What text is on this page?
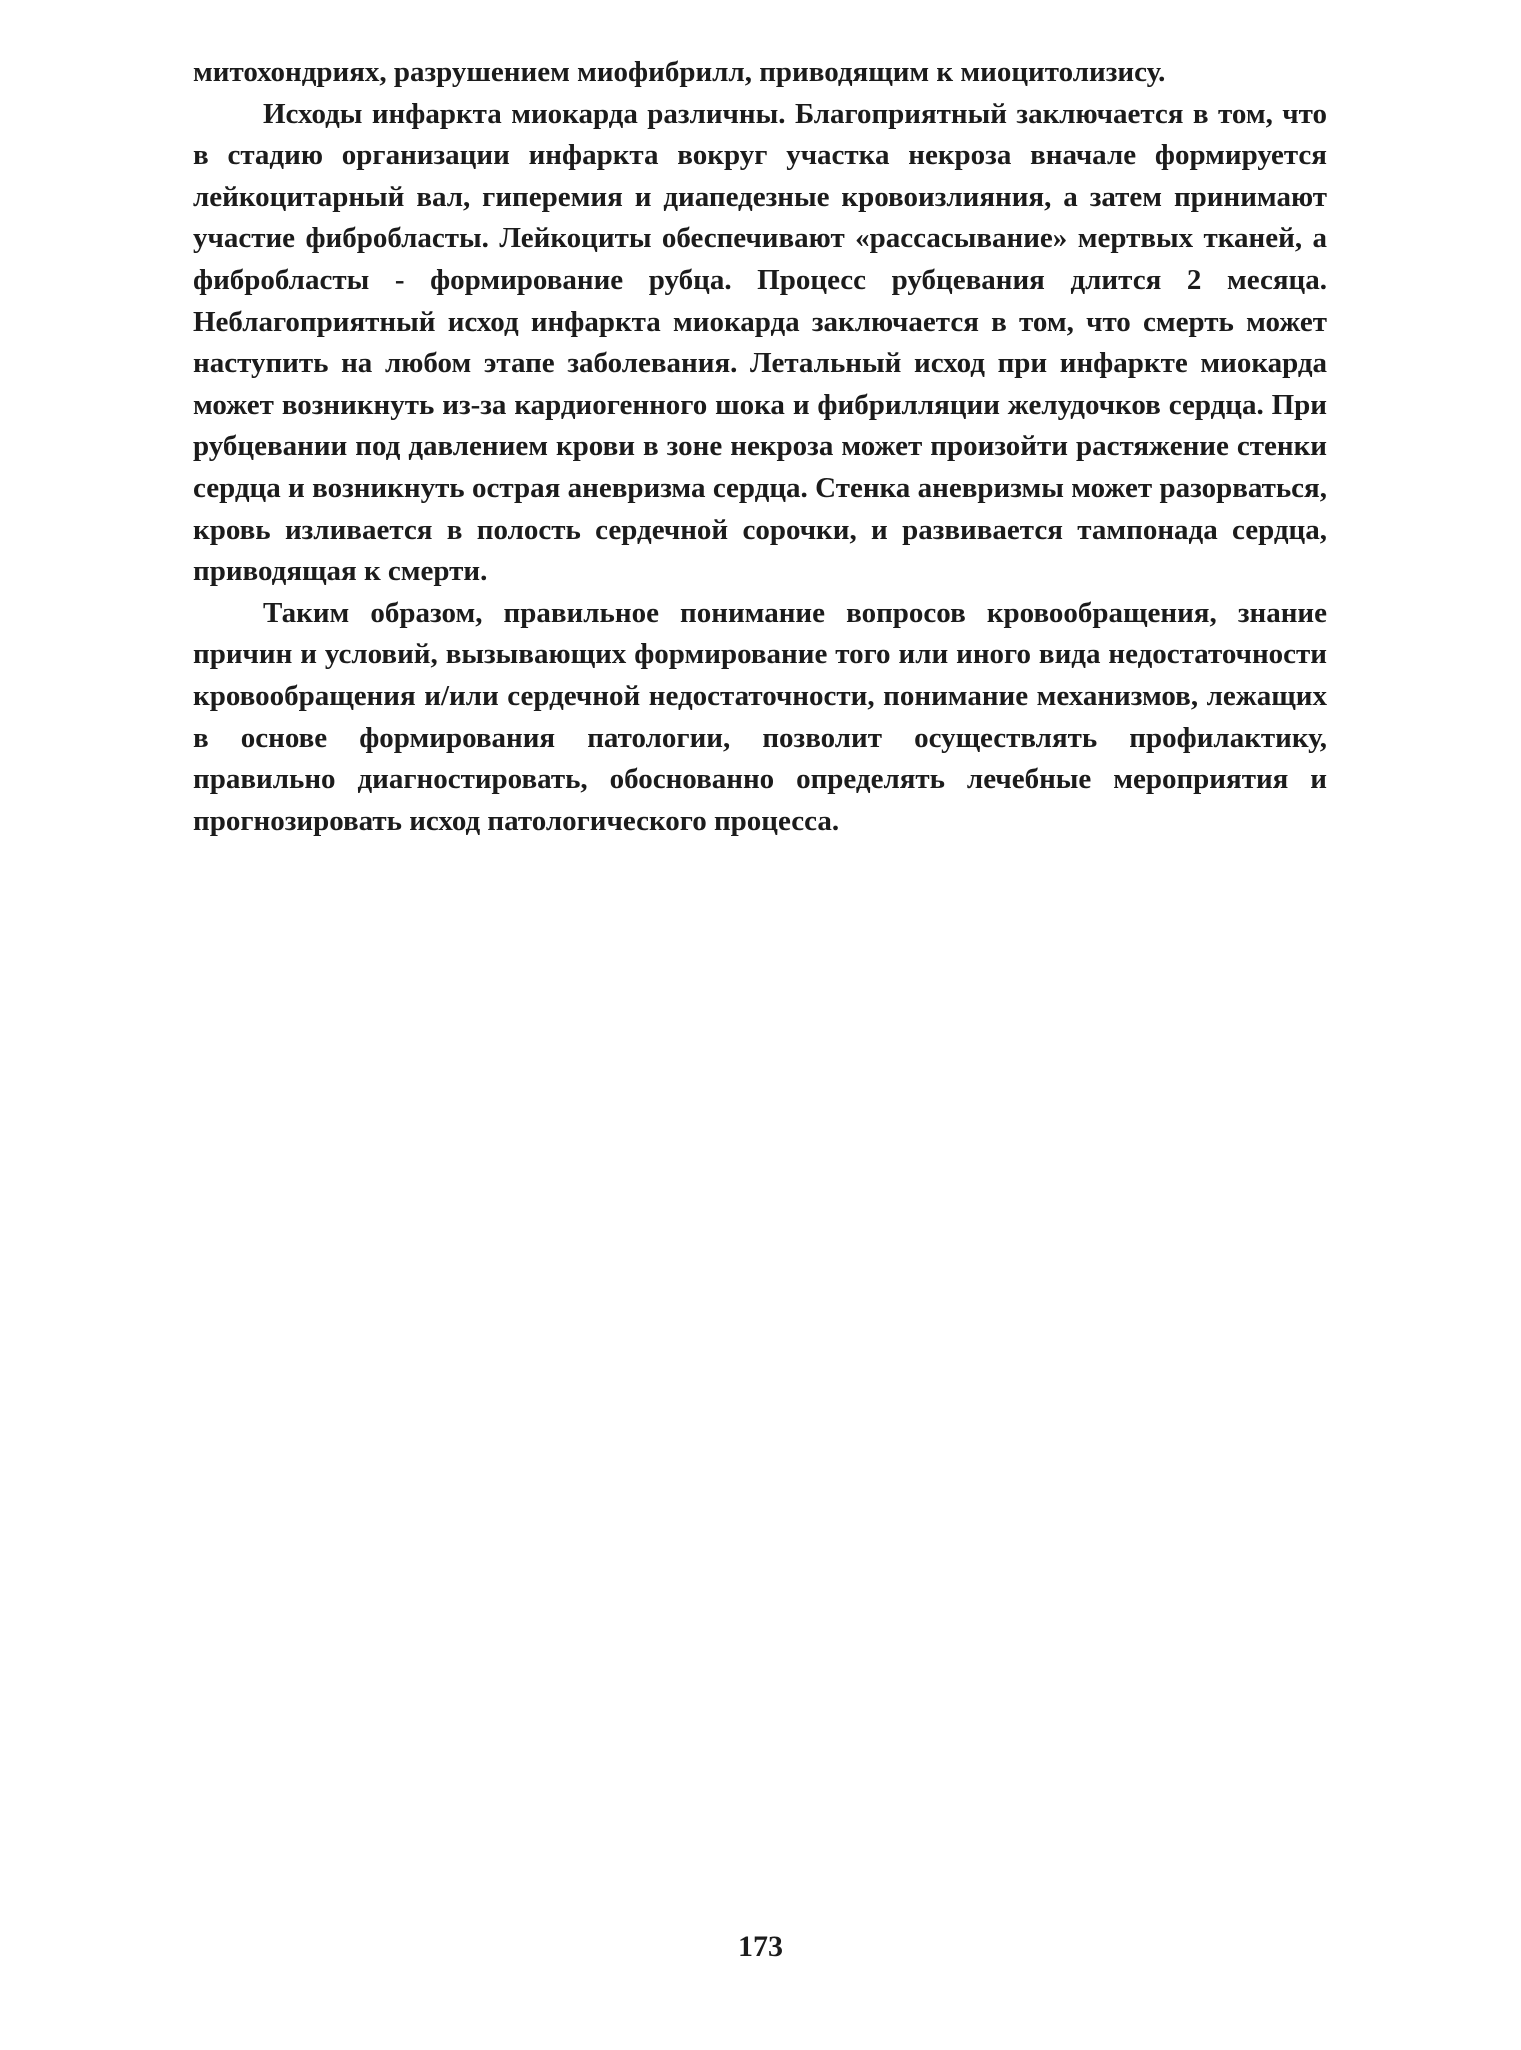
митохондриях, разрушением миофибрилл, приводящим к миоцитолизису.

Исходы инфаркта миокарда различны. Благоприятный заключается в том, что в стадию организации инфаркта вокруг участка некроза вначале формируется лейкоцитарный вал, гиперемия и диапедезные кровоизлияния, а затем принимают участие фибробласты. Лейкоциты обеспечивают «рассасывание» мертвых тканей, а фибробласты - формирование рубца. Процесс рубцевания длится 2 месяца. Неблагоприятный исход инфаркта миокарда заключается в том, что смерть может наступить на любом этапе заболевания. Летальный исход при инфаркте миокарда может возникнуть из-за кардиогенного шока и фибрилляции желудочков сердца. При рубцевании под давлением крови в зоне некроза может произойти растяжение стенки сердца и возникнуть острая аневризма сердца. Стенка аневризмы может разорваться, кровь изливается в полость сердечной сорочки, и развивается тампонада сердца, приводящая к смерти.

Таким образом, правильное понимание вопросов кровообращения, знание причин и условий, вызывающих формирование того или иного вида недостаточности кровообращения и/или сердечной недостаточности, понимание механизмов, лежащих в основе формирования патологии, позволит осуществлять профилактику, правильно диагностировать, обоснованно определять лечебные мероприятия и прогнозировать исход патологического процесса.

173
